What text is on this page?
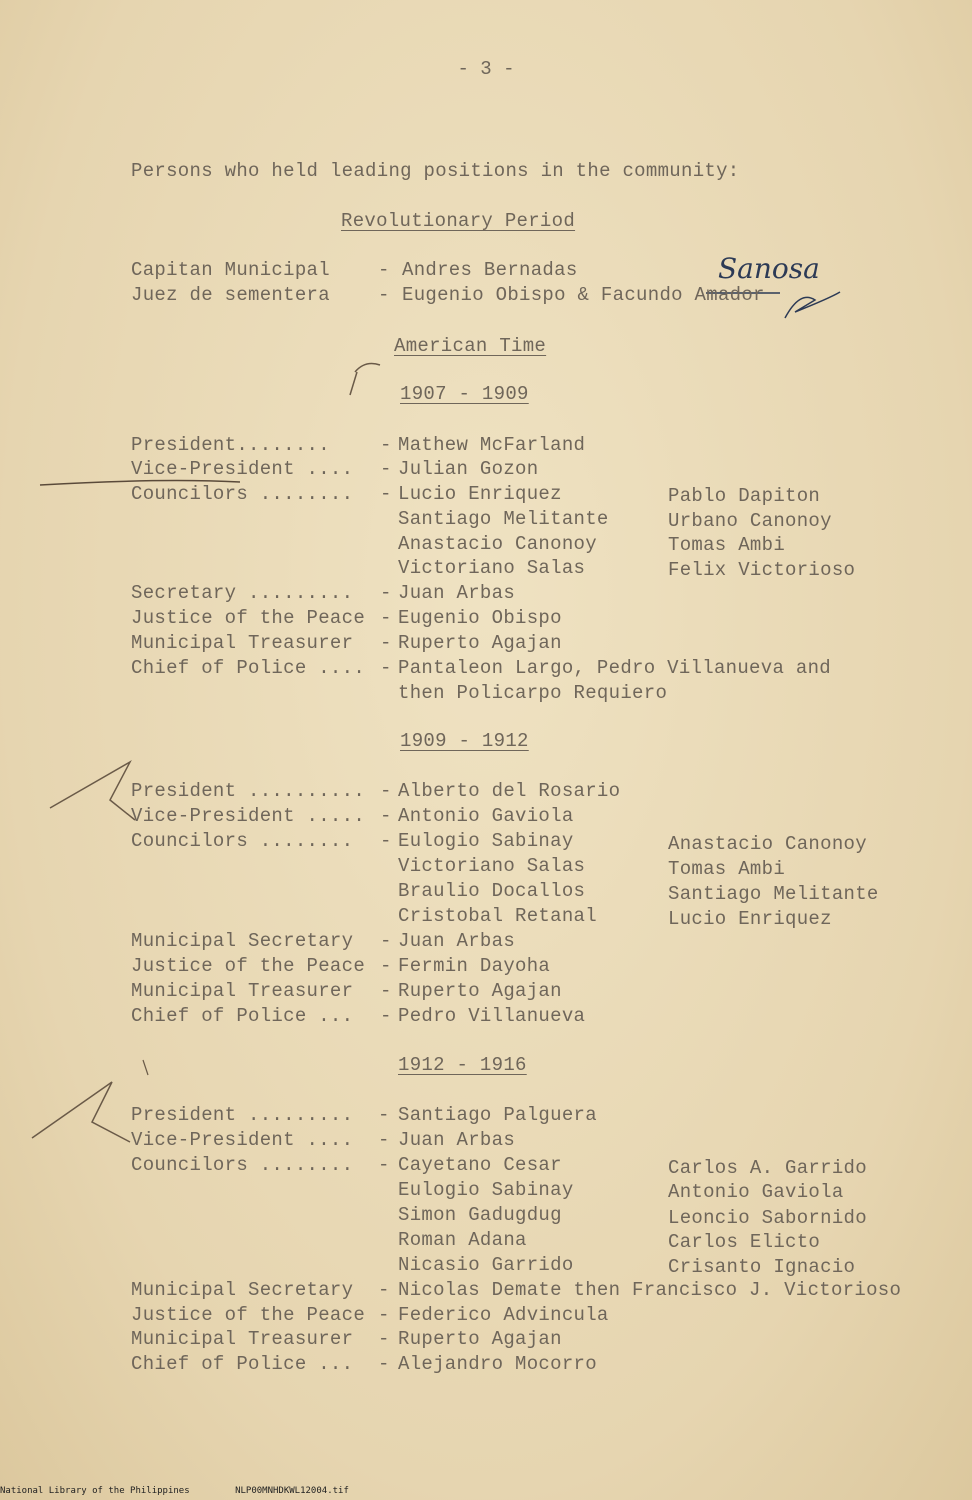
- 3 -
Persons who held leading positions in the community:
Revolutionary Period
Capitan Municipal	- Andres Bernadas
Juez de sementera	- Eugenio Obispo & Facundo Amador
Sanosa
American Time
1907 - 1909
President........	- Mathew McFarland
Vice-President .... - Julian Gozon
Councilors ........ - Lucio Enriquez	Pablo Dapiton
Santiago Melitante	Urbano Canonoy
Anastacio Canonoy	Tomas Ambi
Victoriano Salas	Felix Victorioso
Secretary ......... - Juan Arbas
Justice of the Peace - Eugenio Obispo
Municipal Treasurer - Ruperto Agajan
Chief of Police .... - Pantaleon Largo, Pedro Villanueva and
then Policarpo Requiero
1909 - 1912
President .......... - Alberto del Rosario
Vice-President ..... - Antonio Gaviola
Councilors ........ - Eulogio Sabinay	Anastacio Canonoy
Victoriano Salas	Tomas Ambi
Braulio Docallos	Santiago Melitante
Cristobal Retanal	Lucio Enriquez
Municipal Secretary - Juan Arbas
Justice of the Peace - Fermin Dayoha
Municipal Treasurer - Ruperto Agajan
Chief of Police ... - Pedro Villanueva
1912 - 1916
President ......... - Santiago Palguera
Vice-President .... - Juan Arbas
Councilors ........ - Cayetano Cesar	Carlos A. Garrido
Eulogio Sabinay	Antonio Gaviola
Simon Gadugdug	Leoncio Sabornido
Roman Adana	Carlos Elicto
Nicasio Garrido	Crisanto Ignacio
Municipal Secretary - Nicolas Demate then Francisco J. Victorioso
Justice of the Peace - Federico Advincula
Municipal Treasurer - Ruperto Agajan
Chief of Police ... - Alejandro Mocorro
National Library of the Philippines	NLP00MNHDKWL12004.tif
